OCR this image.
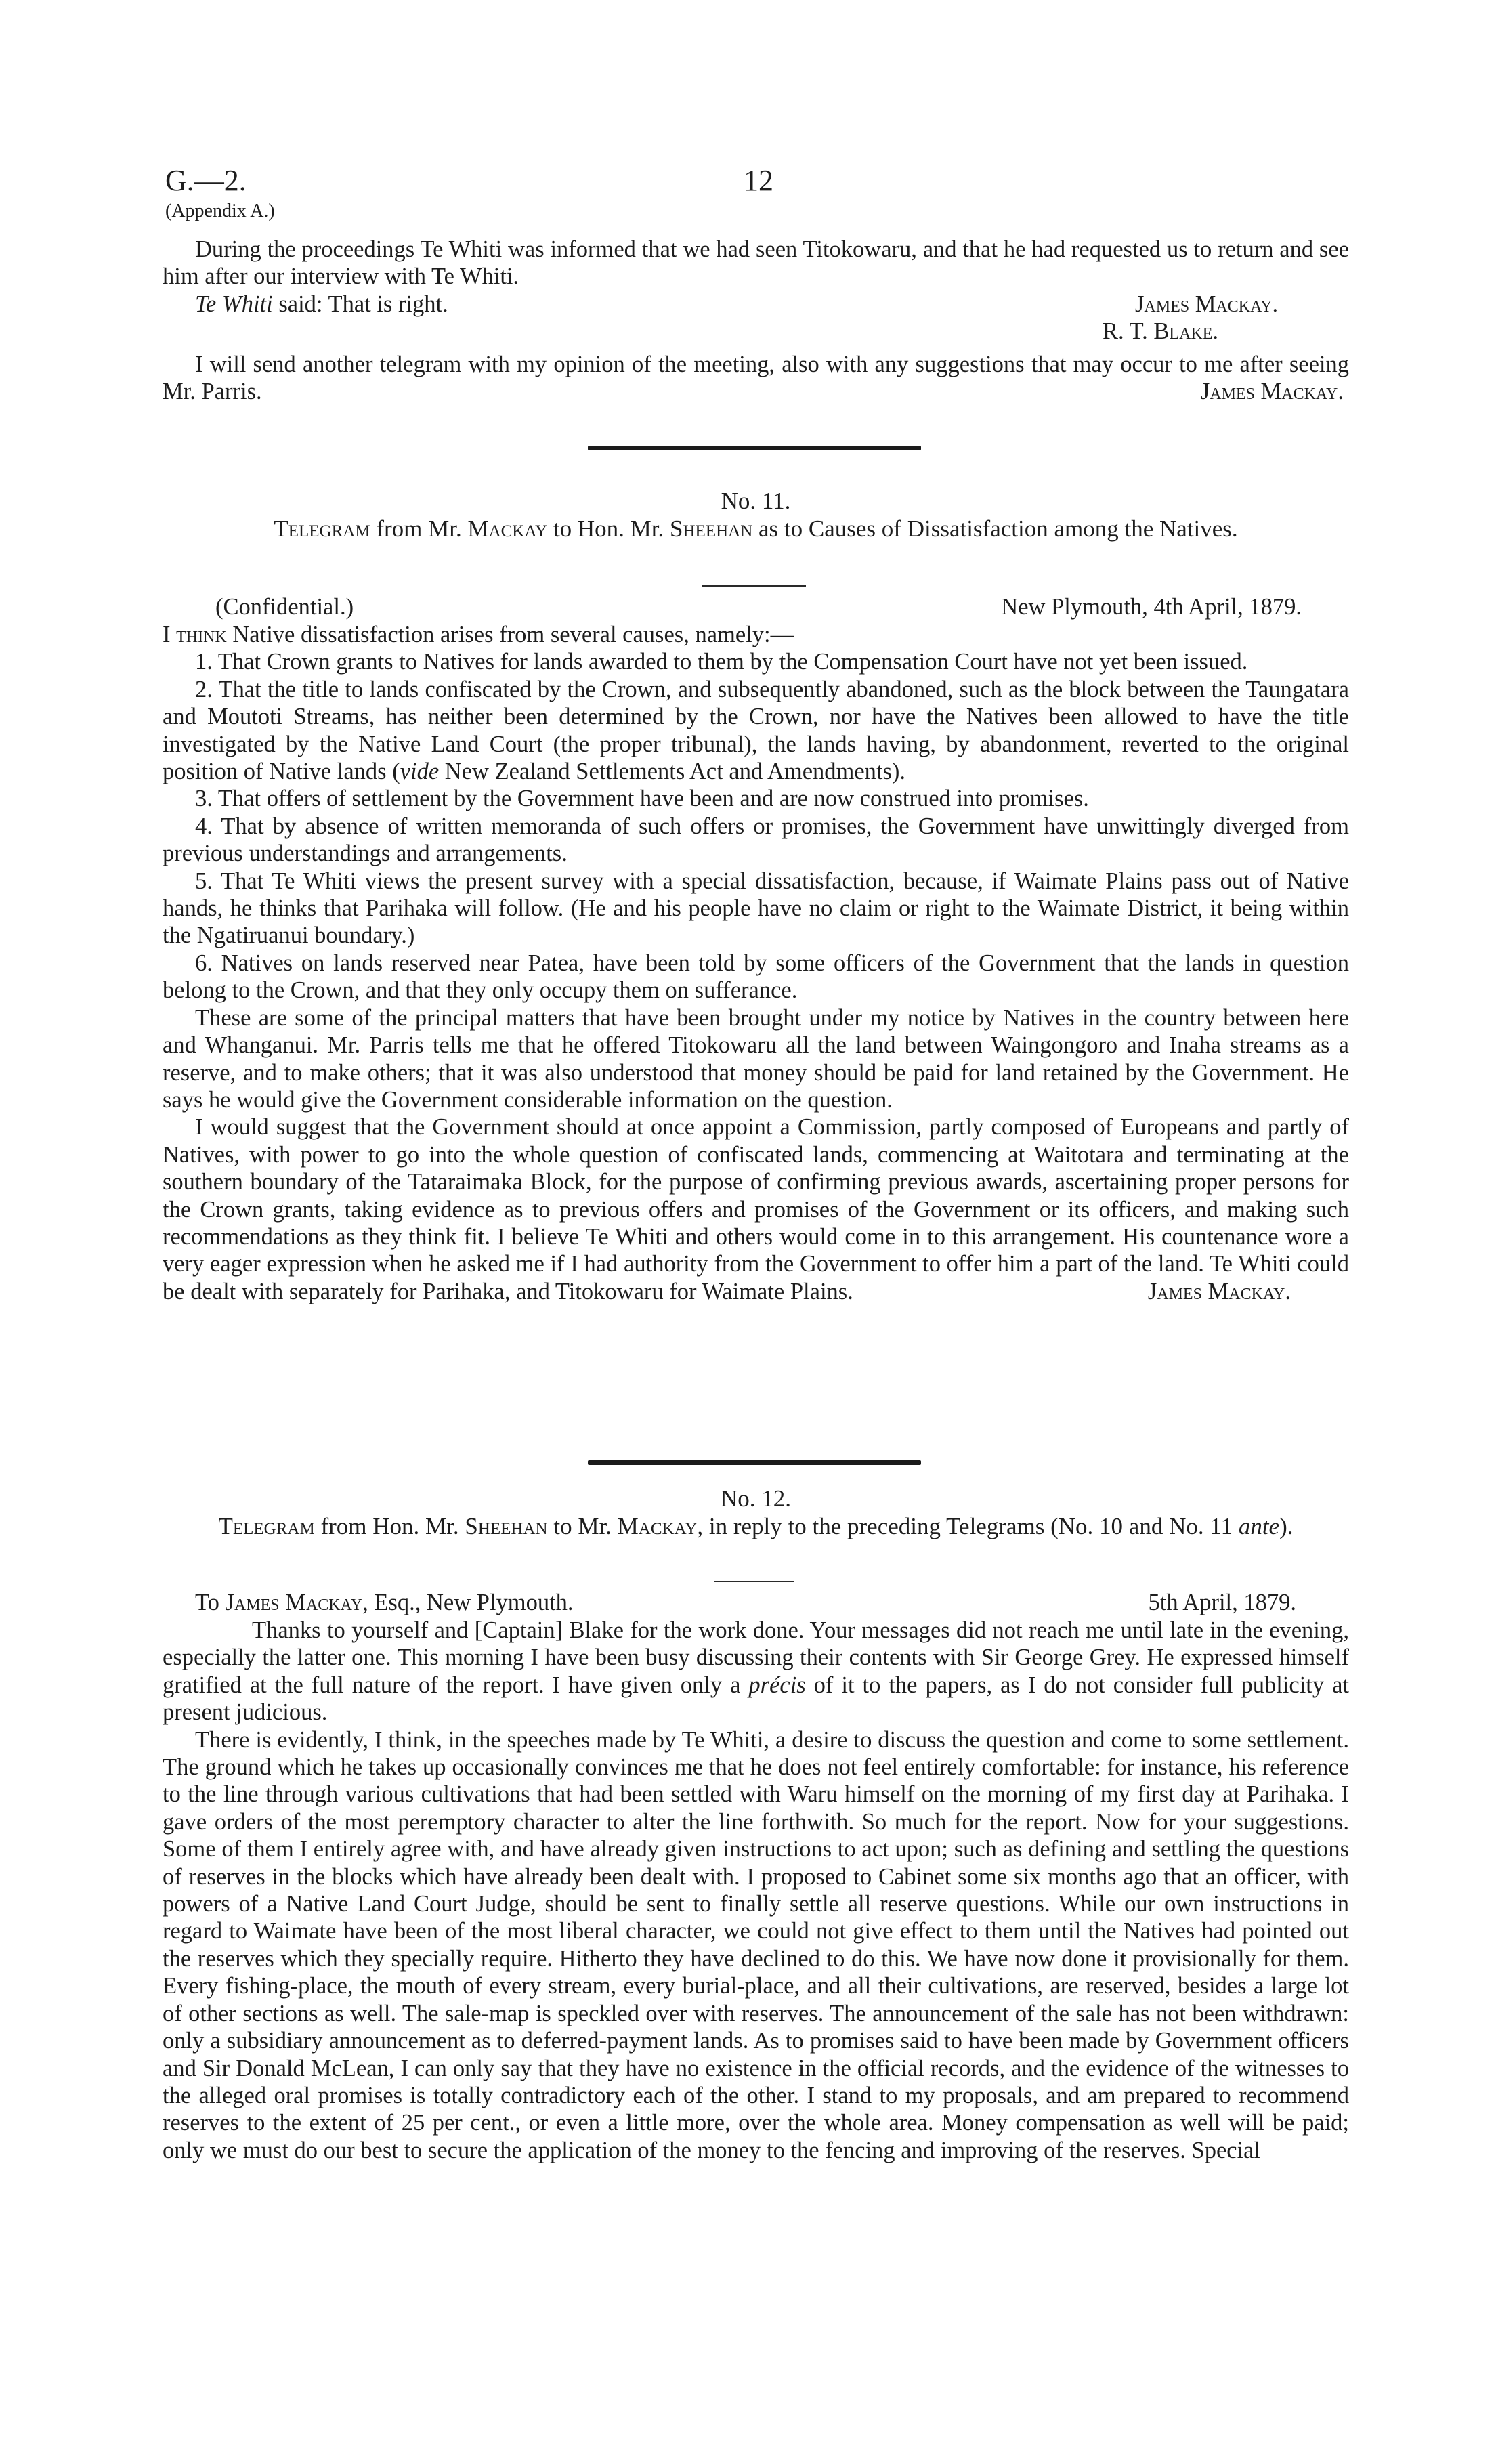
G.—2.
(Appendix A.)
12

During the proceedings Te Whiti was informed that we had seen Titokowaru, and that he had requested us to return and see him after our interview with Te Whiti.

Te Whiti said: That is right.	James Mackay.

R. T. Blake.

I will send another telegram with my opinion of the meeting, also with any suggestions that may occur to me after seeing Mr. Parris.	James Mackay.

No. 11.
Telegram from Mr. Mackay to Hon. Mr. Sheehan as to Causes of Dissatisfaction among the Natives.
(Confidential.)	New Plymouth, 4th April, 1879.

I think Native dissatisfaction arises from several causes, namely:—

1. That Crown grants to Natives for lands awarded to them by the Compensation Court have not yet been issued.

2. That the title to lands confiscated by the Crown, and subsequently abandoned, such as the block between the Taungatara and Moutoti Streams, has neither been determined by the Crown, nor have the Natives been allowed to have the title investigated by the Native Land Court (the proper tribunal), the lands having, by abandonment, reverted to the original position of Native lands (vide New Zealand Settlements Act and Amendments).

3. That offers of settlement by the Government have been and are now construed into promises.

4. That by absence of written memoranda of such offers or promises, the Government have unwittingly diverged from previous understandings and arrangements.

5. That Te Whiti views the present survey with a special dissatisfaction, because, if Waimate Plains pass out of Native hands, he thinks that Parihaka will follow. (He and his people have no claim or right to the Waimate District, it being within the Ngatiruanui boundary.)

6. Natives on lands reserved near Patea, have been told by some officers of the Government that the lands in question belong to the Crown, and that they only occupy them on sufferance.

These are some of the principal matters that have been brought under my notice by Natives in the country between here and Whanganui. Mr. Parris tells me that he offered Titokowaru all the land between Waingongoro and Inaha streams as a reserve, and to make others; that it was also understood that money should be paid for land retained by the Government. He says he would give the Government considerable information on the question.

I would suggest that the Government should at once appoint a Commission, partly composed of Europeans and partly of Natives, with power to go into the whole question of confiscated lands, commencing at Waitotara and terminating at the southern boundary of the Tataraimaka Block, for the purpose of confirming previous awards, ascertaining proper persons for the Crown grants, taking evidence as to previous offers and promises of the Government or its officers, and making such recommendations as they think fit. I believe Te Whiti and others would come in to this arrangement. His countenance wore a very eager expression when he asked me if I had authority from the Government to offer him a part of the land. Te Whiti could be dealt with separately for Parihaka, and Titokowaru for Waimate Plains.	James Mackay.

No. 12.
Telegram from Hon. Mr. Sheehan to Mr. Mackay, in reply to the preceding Telegrams (No. 10 and No. 11 ante).
To James Mackay, Esq., New Plymouth.	5th April, 1879.

Thanks to yourself and [Captain] Blake for the work done. Your messages did not reach me until late in the evening, especially the latter one. This morning I have been busy discussing their contents with Sir George Grey. He expressed himself gratified at the full nature of the report. I have given only a précis of it to the papers, as I do not consider full publicity at present judicious.

There is evidently, I think, in the speeches made by Te Whiti, a desire to discuss the question and come to some settlement. The ground which he takes up occasionally convinces me that he does not feel entirely comfortable: for instance, his reference to the line through various cultivations that had been settled with Waru himself on the morning of my first day at Parihaka. I gave orders of the most peremptory character to alter the line forthwith. So much for the report. Now for your suggestions. Some of them I entirely agree with, and have already given instructions to act upon; such as defining and settling the questions of reserves in the blocks which have already been dealt with. I proposed to Cabinet some six months ago that an officer, with powers of a Native Land Court Judge, should be sent to finally settle all reserve questions. While our own instructions in regard to Waimate have been of the most liberal character, we could not give effect to them until the Natives had pointed out the reserves which they specially require. Hitherto they have declined to do this. We have now done it provisionally for them. Every fishing-place, the mouth of every stream, every burial-place, and all their cultivations, are reserved, besides a large lot of other sections as well. The sale-map is speckled over with reserves. The announcement of the sale has not been withdrawn: only a subsidiary announcement as to deferred-payment lands. As to promises said to have been made by Government officers and Sir Donald McLean, I can only say that they have no existence in the official records, and the evidence of the witnesses to the alleged oral promises is totally contradictory each of the other. I stand to my proposals, and am prepared to recommend reserves to the extent of 25 per cent., or even a little more, over the whole area. Money compensation as well will be paid; only we must do our best to secure the application of the money to the fencing and improving of the reserves. Special
